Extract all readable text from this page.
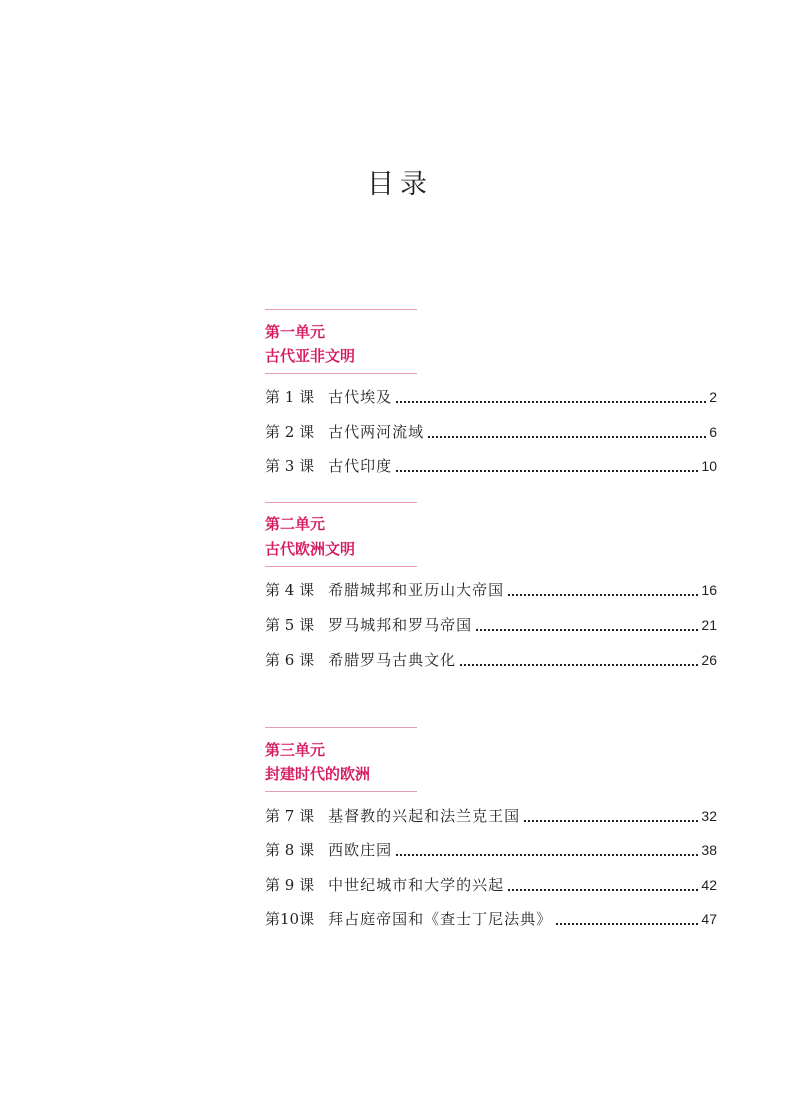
目录
第一单元
古代亚非文明
第 1 课 古代埃及	2
第 2 课 古代两河流域	6
第 3 课 古代印度	10
第二单元
古代欧洲文明
第 4 课 希腊城邦和亚历山大帝国	16
第 5 课 罗马城邦和罗马帝国	21
第 6 课 希腊罗马古典文化	26
第三单元
封建时代的欧洲
第 7 课 基督教的兴起和法兰克王国	32
第 8 课 西欧庄园	38
第 9 课 中世纪城市和大学的兴起	42
第10课 拜占庭帝国和《查士丁尼法典》	47
